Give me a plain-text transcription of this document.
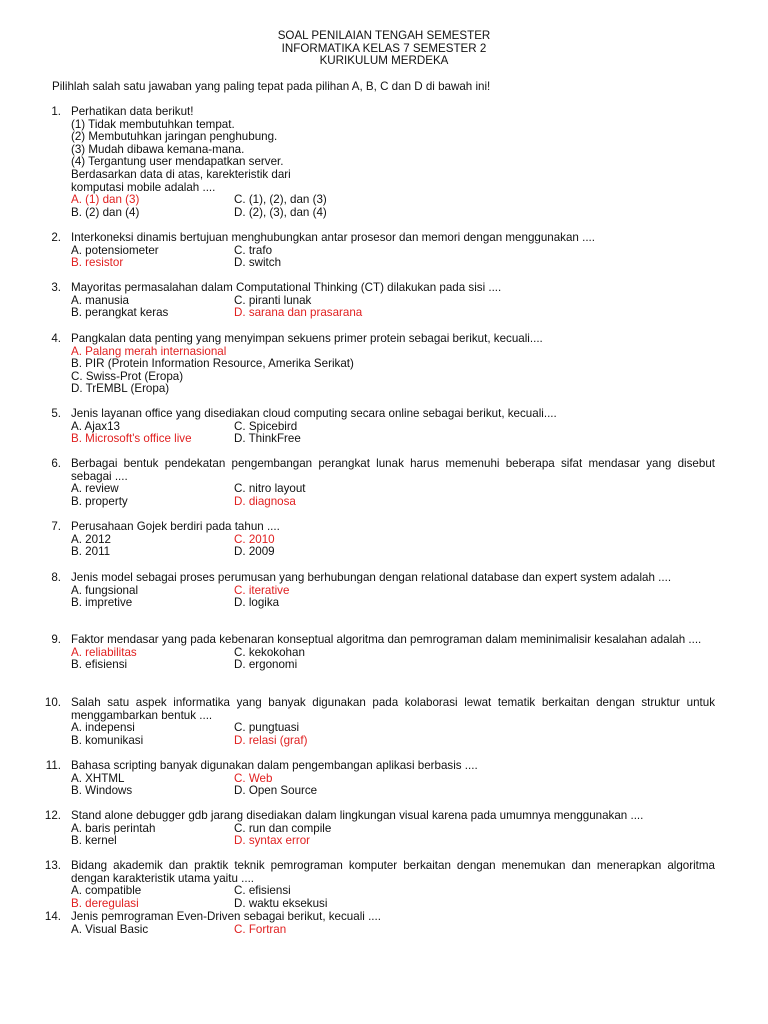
SOAL PENILAIAN TENGAH SEMESTER
INFORMATIKA KELAS 7 SEMESTER 2
KURIKULUM MERDEKA
Pilihlah salah satu jawaban yang paling tepat pada pilihan A, B, C dan D di bawah ini!
1. Perhatikan data berikut!
(1) Tidak membutuhkan tempat.
(2) Membutuhkan jaringan penghubung.
(3) Mudah dibawa kemana-mana.
(4) Tergantung user mendapatkan server.
Berdasarkan data di atas, karekteristik dari
komputasi mobile adalah ....
A. (1) dan (3)	C. (1), (2), dan (3)
B. (2) dan (4)	D. (2), (3), dan (4)
2. Interkoneksi dinamis bertujuan menghubungkan antar prosesor dan memori dengan menggunakan ....
A. potensiometer	C. trafo
B. resistor	D. switch
3. Mayoritas permasalahan dalam Computational Thinking (CT) dilakukan pada sisi ....
A. manusia	C. piranti lunak
B. perangkat keras	D. sarana dan prasarana
4. Pangkalan data penting yang menyimpan sekuens primer protein sebagai berikut, kecuali....
A. Palang merah internasional
B. PIR (Protein Information Resource, Amerika Serikat)
C. Swiss-Prot (Eropa)
D. TrEMBL (Eropa)
5. Jenis layanan office yang disediakan cloud computing secara online sebagai berikut, kecuali....
A. Ajax13	C. Spicebird
B. Microsoft's office live	D. ThinkFree
6. Berbagai bentuk pendekatan pengembangan perangkat lunak harus memenuhi beberapa sifat mendasar yang disebut sebagai ....
A. review	C. nitro layout
B. property	D. diagnosa
7. Perusahaan Gojek berdiri pada tahun ....
A. 2012	C. 2010
B. 2011	D. 2009
8. Jenis model sebagai proses perumusan yang berhubungan dengan relational database dan expert system adalah ....
A. fungsional	C. iterative
B. impretive	D. logika
9. Faktor mendasar yang pada kebenaran konseptual algoritma dan pemrograman dalam meminimalisir kesalahan adalah ....
A. reliabilitas	C. kekokohan
B. efisiensi	D. ergonomi
10. Salah satu aspek informatika yang banyak digunakan pada kolaborasi lewat tematik berkaitan dengan struktur untuk menggambarkan bentuk ....
A. indepensi	C. pungtuasi
B. komunikasi	D. relasi (graf)
11. Bahasa scripting banyak digunakan dalam pengembangan aplikasi berbasis ....
A. XHTML	C. Web
B. Windows	D. Open Source
12. Stand alone debugger gdb jarang disediakan dalam lingkungan visual karena pada umumnya menggunakan ....
A. baris perintah	C. run dan compile
B. kernel	D. syntax error
13. Bidang akademik dan praktik teknik pemrograman komputer berkaitan dengan menemukan dan menerapkan algoritma dengan karakteristik utama yaitu ....
A. compatible	C. efisiensi
B. deregulasi	D. waktu eksekusi
14. Jenis pemrograman Even-Driven sebagai berikut, kecuali ....
A. Visual Basic	C. Fortran
